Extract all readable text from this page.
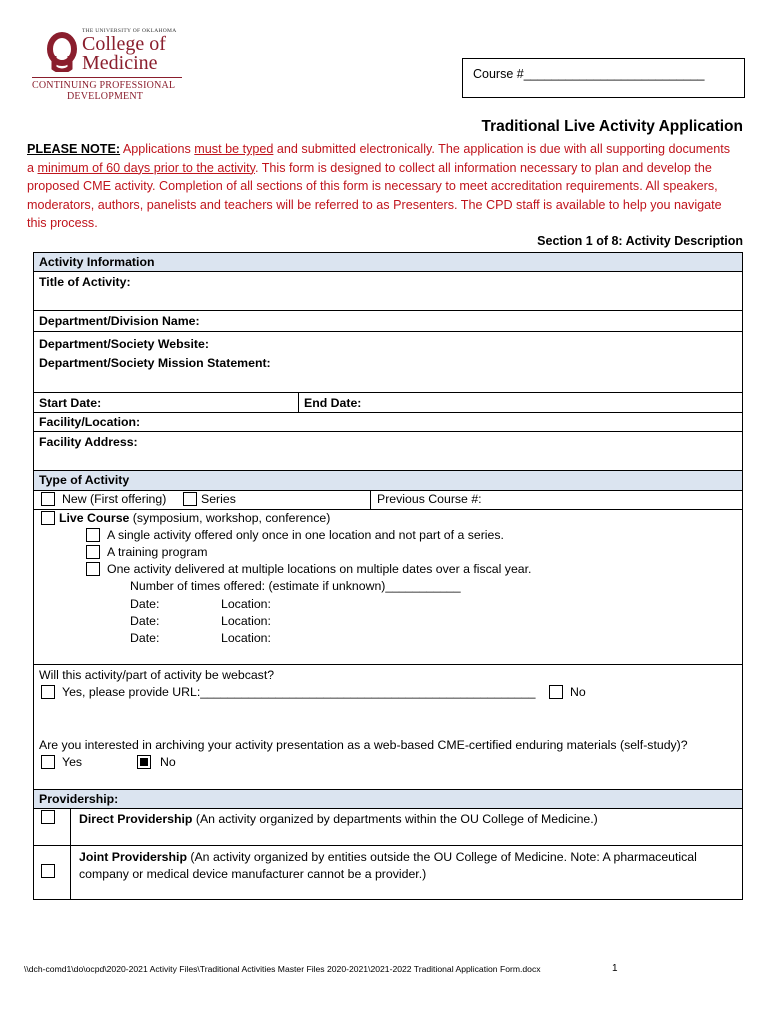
THE UNIVERSITY OF OKLAHOMA
College of
Medicine
CONTINUING PROFESSIONAL
DEVELOPMENT
Course #__________________________
Traditional Live Activity Application
PLEASE NOTE: Applications must be typed and submitted electronically. The application is due with all supporting documents a minimum of 60 days prior to the activity. This form is designed to collect all information necessary to plan and develop the proposed CME activity. Completion of all sections of this form is necessary to meet accreditation requirements. All speakers, moderators, authors, panelists and teachers will be referred to as Presenters. The CPD staff is available to help you navigate this process.
Section 1 of 8: Activity Description
Activity Information
Title of Activity:
Department/Division Name:
Department/Society Website:
Department/Society Mission Statement:
Start Date:	End Date:
Facility/Location:
Facility Address:
Type of Activity
New (First offering)	Series	Previous Course #:
Live Course (symposium, workshop, conference)
A single activity offered only once in one location and not part of a series.
A training program
One activity delivered at multiple locations on multiple dates over a fiscal year.
Number of times offered: (estimate if unknown)___________
Date:	Location:
Date:	Location:
Date:	Location:
Will this activity/part of activity be webcast?
Yes, please provide URL:_________________________________________________	No
Are you interested in archiving your activity presentation as a web-based CME-certified enduring materials (self-study)?
Yes	No
Providership:
Direct Providership (An activity organized by departments within the OU College of Medicine.)
Joint Providership (An activity organized by entities outside the OU College of Medicine. Note: A pharmaceutical
company or medical device manufacturer cannot be a provider.)
\\dch-comd1\do\ocpd\2020-2021 Activity Files\Traditional Activities Master Files 2020-2021\2021-2022 Traditional Application Form.docx	1
